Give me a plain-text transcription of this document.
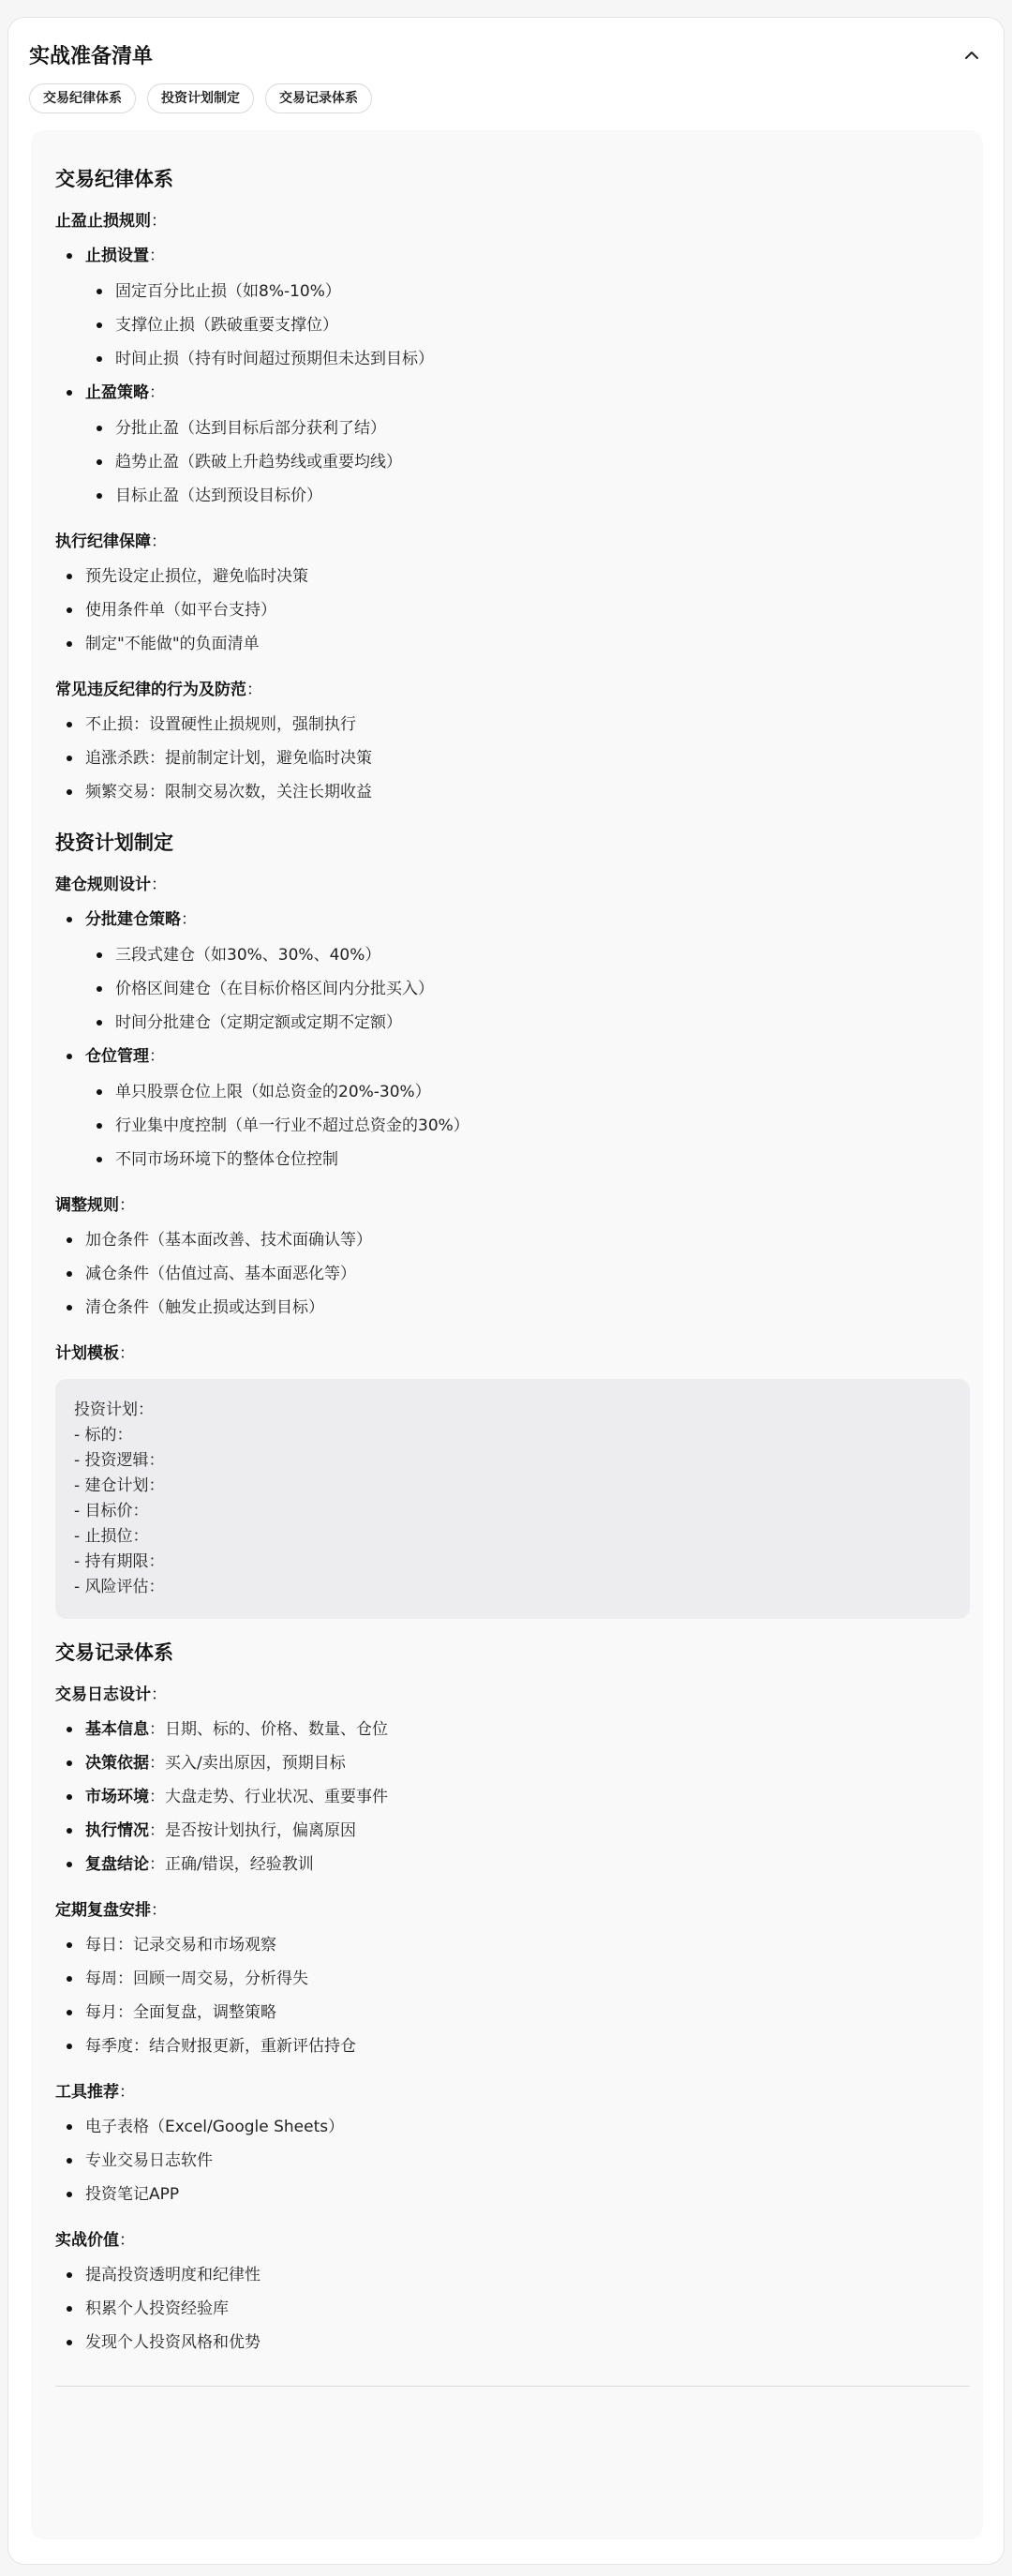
实战准备清单
交易纪律体系	投资计划制定	交易记录体系
交易纪律体系
止盈止损规则：
止损设置：
固定百分比止损（如8%-10%）
支撑位止损（跌破重要支撑位）
时间止损（持有时间超过预期但未达到目标）
止盈策略：
分批止盈（达到目标后部分获利了结）
趋势止盈（跌破上升趋势线或重要均线）
目标止盈（达到预设目标价）
执行纪律保障：
预先设定止损位，避免临时决策
使用条件单（如平台支持）
制定"不能做"的负面清单
常见违反纪律的行为及防范：
不止损：设置硬性止损规则，强制执行
追涨杀跌：提前制定计划，避免临时决策
频繁交易：限制交易次数，关注长期收益
投资计划制定
建仓规则设计：
分批建仓策略：
三段式建仓（如30%、30%、40%）
价格区间建仓（在目标价格区间内分批买入）
时间分批建仓（定期定额或定期不定额）
仓位管理：
单只股票仓位上限（如总资金的20%-30%）
行业集中度控制（单一行业不超过总资金的30%）
不同市场环境下的整体仓位控制
调整规则：
加仓条件（基本面改善、技术面确认等）
减仓条件（估值过高、基本面恶化等）
清仓条件（触发止损或达到目标）
计划模板：
投资计划：
- 标的：
- 投资逻辑：
- 建仓计划：
- 目标价：
- 止损位：
- 持有期限：
- 风险评估：
交易记录体系
交易日志设计：
基本信息：日期、标的、价格、数量、仓位
决策依据：买入/卖出原因，预期目标
市场环境：大盘走势、行业状况、重要事件
执行情况：是否按计划执行，偏离原因
复盘结论：正确/错误，经验教训
定期复盘安排：
每日：记录交易和市场观察
每周：回顾一周交易，分析得失
每月：全面复盘，调整策略
每季度：结合财报更新，重新评估持仓
工具推荐：
电子表格（Excel/Google Sheets）
专业交易日志软件
投资笔记APP
实战价值：
提高投资透明度和纪律性
积累个人投资经验库
发现个人投资风格和优势
